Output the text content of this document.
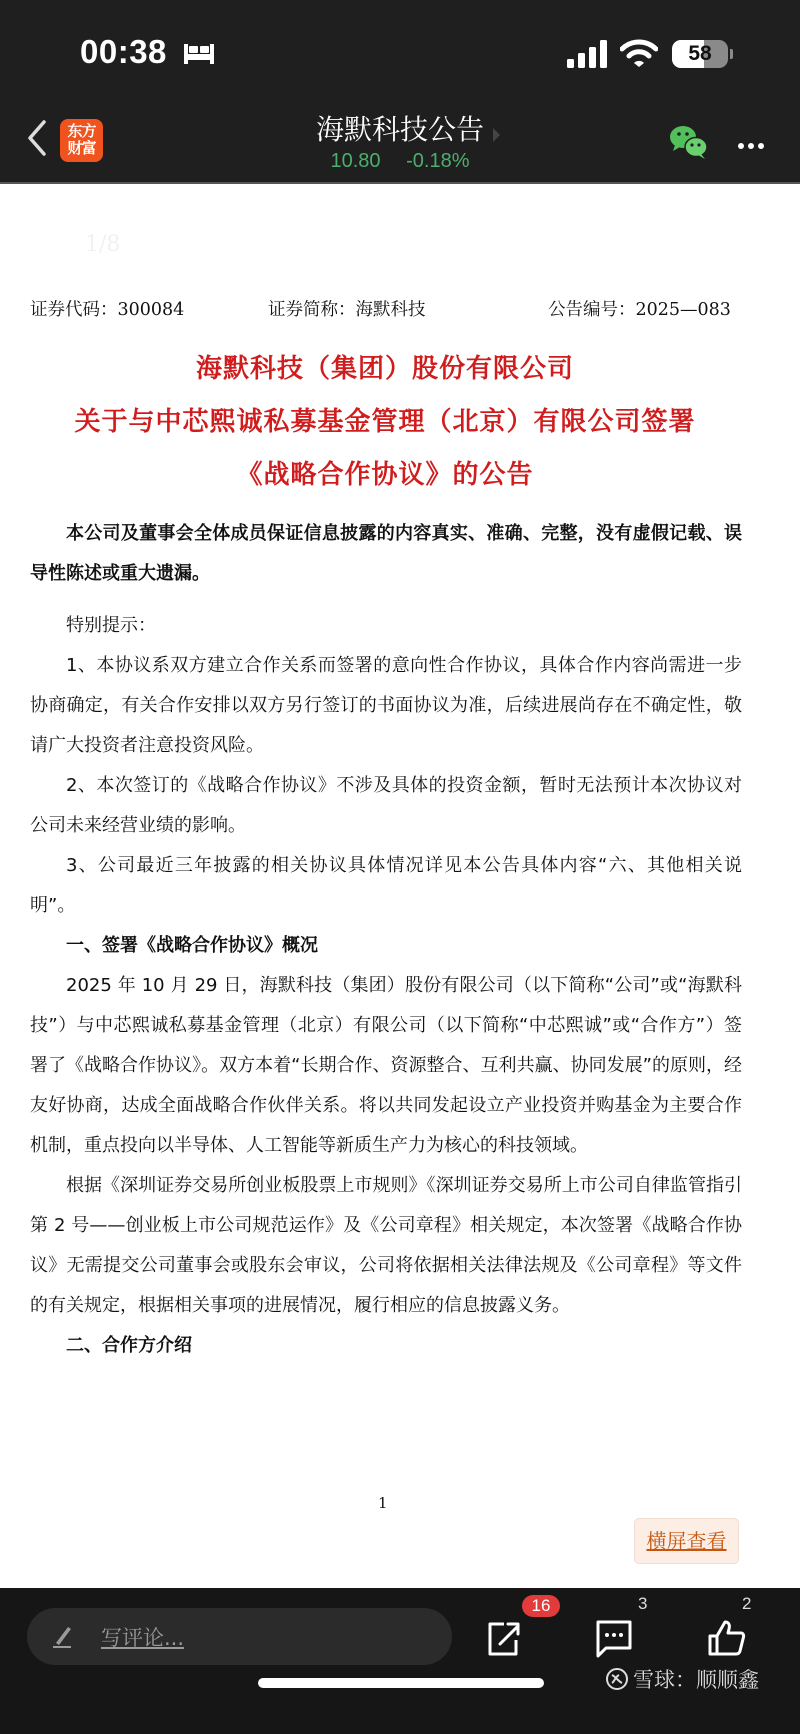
00:38	58
东方
财富
海默科技公告
10.80 -0.18%
1/8
证券代码：300084	证券简称：海默科技	公告编号：2025—083
海默科技（集团）股份有限公司
关于与中芯熙诚私募基金管理（北京）有限公司签署
《战略合作协议》的公告

本公司及董事会全体成员保证信息披露的内容真实、准确、完整，没有虚假记载、误导性陈述或重大遗漏。

特别提示：

1、本协议系双方建立合作关系而签署的意向性合作协议，具体合作内容尚需进一步协商确定，有关合作安排以双方另行签订的书面协议为准，后续进展尚存在不确定性，敬请广大投资者注意投资风险。

2、本次签订的《战略合作协议》不涉及具体的投资金额，暂时无法预计本次协议对公司未来经营业绩的影响。

3、公司最近三年披露的相关协议具体情况详见本公告具体内容“六、其他相关说明”。

一、签署《战略合作协议》概况

2025 年 10 月 29 日，海默科技（集团）股份有限公司（以下简称“公司”或“海默科技”）与中芯熙诚私募基金管理（北京）有限公司（以下简称“中芯熙诚”或“合作方”）签署了《战略合作协议》。双方本着“长期合作、资源整合、互利共赢、协同发展”的原则，经友好协商，达成全面战略合作伙伴关系。将以共同发起设立产业投资并购基金为主要合作机制，重点投向以半导体、人工智能等新质生产力为核心的科技领域。

根据《深圳证券交易所创业板股票上市规则》《深圳证券交易所上市公司自律监管指引第 2 号——创业板上市公司规范运作》及《公司章程》相关规定，本次签署《战略合作协议》无需提交公司董事会或股东会审议，公司将依据相关法律法规及《公司章程》等文件的有关规定，根据相关事项的进展情况，履行相应的信息披露义务。

二、合作方介绍

1
横屏查看
写评论...
16	3	2
雪球：顺顺鑫
